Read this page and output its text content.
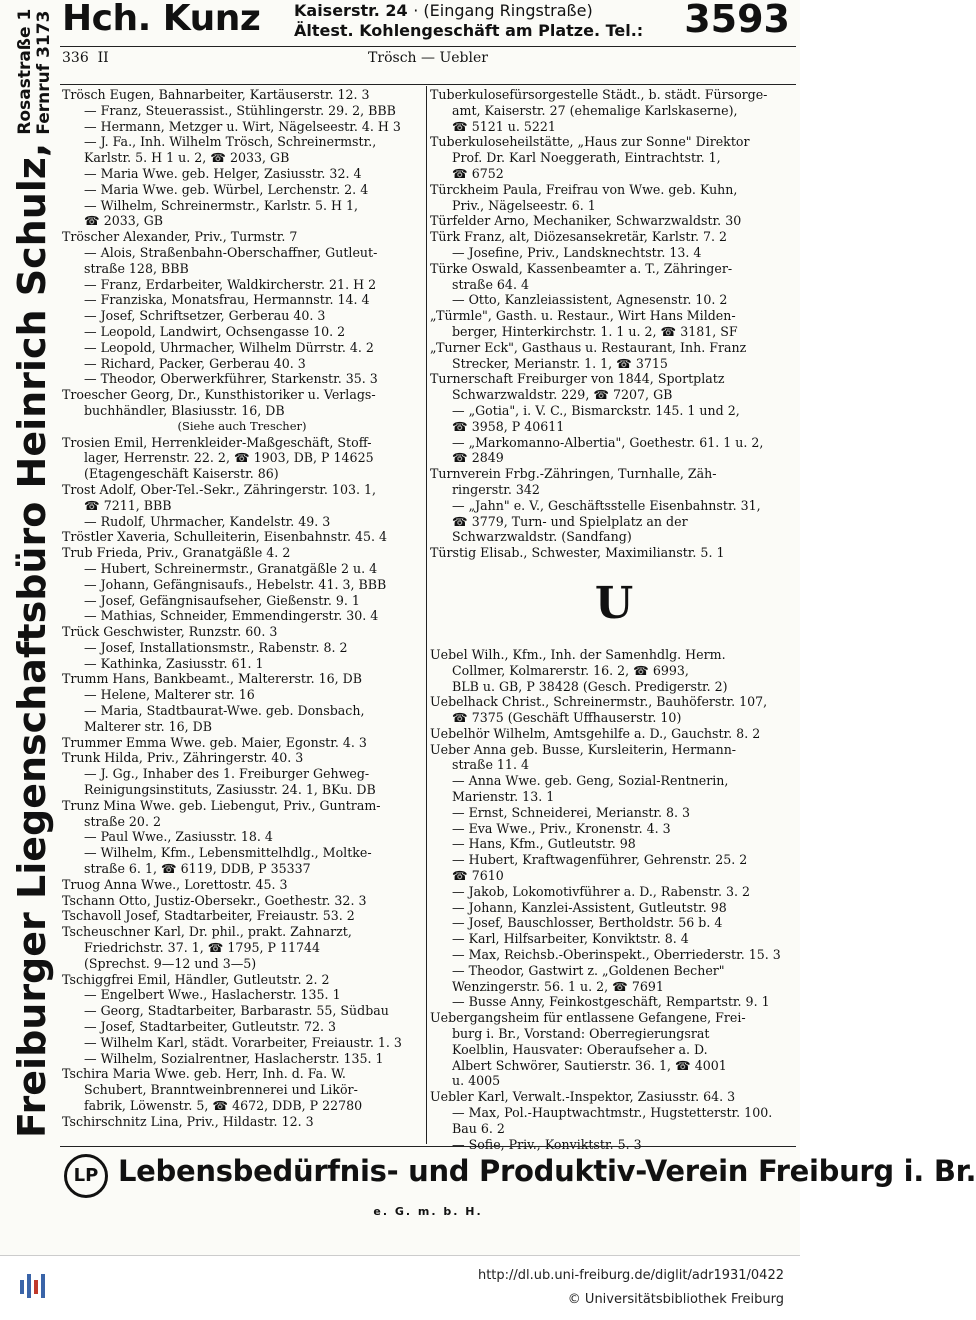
Hch. Kunz Kaiserstr. 24 · (Eingang Ringstraße)
Ältest. Kohlengeschäft am Platze. Tel.: 3593
336 II	Trösch — Uebler
Freiburger Liegenschaftsbüro Heinrich Schulz,Rosastraße 1
Fernruf 3173 Trösch Eugen, Bahnarbeiter, Kartäuserstr. 12. 3
— Franz, Steuerassist., Stühlingerstr. 29. 2, BBB
— Hermann, Metzger u. Wirt, Nägelseestr. 4. H 3
— J. Fa., Inh. Wilhelm Trösch, Schreinermstr.,
Karlstr. 5. H 1 u. 2, ☎ 2033, GB
— Maria Wwe. geb. Helger, Zasiusstr. 32. 4
— Maria Wwe. geb. Würbel, Lerchenstr. 2. 4
— Wilhelm, Schreinermstr., Karlstr. 5. H 1,
☎ 2033, GB
Tröscher Alexander, Priv., Turmstr. 7
— Alois, Straßenbahn-Oberschaffner, Gutleut-
straße 128, BBB
— Franz, Erdarbeiter, Waldkircherstr. 21. H 2
— Franziska, Monatsfrau, Hermannstr. 14. 4
— Josef, Schriftsetzer, Gerberau 40. 3
— Leopold, Landwirt, Ochsengasse 10. 2
— Leopold, Uhrmacher, Wilhelm Dürrstr. 4. 2
— Richard, Packer, Gerberau 40. 3
— Theodor, Oberwerkführer, Starkenstr. 35. 3
Troescher Georg, Dr., Kunsthistoriker u. Verlags-
buchhändler, Blasiusstr. 16, DB
(Siehe auch Trescher)
Trosien Emil, Herrenkleider-Maßgeschäft, Stoff-
lager, Herrenstr. 22. 2, ☎ 1903, DB, P 14625
(Etagengeschäft Kaiserstr. 86)
Trost Adolf, Ober-Tel.-Sekr., Zähringerstr. 103. 1,
☎ 7211, BBB
— Rudolf, Uhrmacher, Kandelstr. 49. 3
Tröstler Xaveria, Schulleiterin, Eisenbahnstr. 45. 4
Trub Frieda, Priv., Granatgäßle 4. 2
— Hubert, Schreinermstr., Granatgäßle 2 u. 4
— Johann, Gefängnisaufs., Hebelstr. 41. 3, BBB
— Josef, Gefängnisaufseher, Gießenstr. 9. 1
— Mathias, Schneider, Emmendingerstr. 30. 4
Trück Geschwister, Runzstr. 60. 3
— Josef, Installationsmstr., Rabenstr. 8. 2
— Kathinka, Zasiusstr. 61. 1
Trumm Hans, Bankbeamt., Maltererstr. 16, DB
— Helene, Malterer str. 16
— Maria, Stadtbaurat-Wwe. geb. Donsbach,
Malterer str. 16, DB
Trummer Emma Wwe. geb. Maier, Egonstr. 4. 3
Trunk Hilda, Priv., Zähringerstr. 40. 3
— J. Gg., Inhaber des 1. Freiburger Gehweg-
Reinigungsinstituts, Zasiusstr. 24. 1, BKu. DB
Trunz Mina Wwe. geb. Liebengut, Priv., Guntram-
straße 20. 2
— Paul Wwe., Zasiusstr. 18. 4
— Wilhelm, Kfm., Lebensmittelhdlg., Moltke-
straße 6. 1, ☎ 6119, DDB, P 35337
Truog Anna Wwe., Lorettostr. 45. 3
Tschann Otto, Justiz-Obersekr., Goethestr. 32. 3
Tschavoll Josef, Stadtarbeiter, Freiaustr. 53. 2
Tscheuschner Karl, Dr. phil., prakt. Zahnarzt,
Friedrichstr. 37. 1, ☎ 1795, P 11744
(Sprechst. 9—12 und 3—5)
Tschiggfrei Emil, Händler, Gutleutstr. 2. 2
— Engelbert Wwe., Haslacherstr. 135. 1
— Georg, Stadtarbeiter, Barbarastr. 55, Südbau
— Josef, Stadtarbeiter, Gutleutstr. 72. 3
— Wilhelm Karl, städt. Vorarbeiter, Freiaustr. 1. 3
— Wilhelm, Sozialrentner, Haslacherstr. 135. 1
Tschira Maria Wwe. geb. Herr, Inh. d. Fa. W.
Schubert, Branntweinbrennerei und Likör-
fabrik, Löwenstr. 5, ☎ 4672, DDB, P 22780
Tschirschnitz Lina, Priv., Hildastr. 12. 3
Tuberkulosefürsorgestelle Städt., b. städt. Fürsorge-
amt, Kaiserstr. 27 (ehemalige Karlskaserne),
☎ 5121 u. 5221
Tuberkuloseheilstätte, „Haus zur Sonne" Direktor
Prof. Dr. Karl Noeggerath, Eintrachtstr. 1,
☎ 6752
Türckheim Paula, Freifrau von Wwe. geb. Kuhn,
Priv., Nägelseestr. 6. 1
Türfelder Arno, Mechaniker, Schwarzwaldstr. 30
Türk Franz, alt, Diözesansekretär, Karlstr. 7. 2
— Josefine, Priv., Landsknechtstr. 13. 4
Türke Oswald, Kassenbeamter a. T., Zähringer-
straße 64. 4
— Otto, Kanzleiassistent, Agnesenstr. 10. 2
„Türmle", Gasth. u. Restaur., Wirt Hans Milden-
berger, Hinterkirchstr. 1. 1 u. 2, ☎ 3181, SF
„Turner Eck", Gasthaus u. Restaurant, Inh. Franz
Strecker, Merianstr. 1. 1, ☎ 3715
Turnerschaft Freiburger von 1844, Sportplatz
Schwarzwaldstr. 229, ☎ 7207, GB
— „Gotia", i. V. C., Bismarckstr. 145. 1 und 2,
☎ 3958, P 40611
— „Markomanno-Albertia", Goethestr. 61. 1 u. 2,
☎ 2849
Turnverein Frbg.-Zähringen, Turnhalle, Zäh-
ringerstr. 342
— „Jahn" e. V., Geschäftsstelle Eisenbahnstr. 31,
☎ 3779, Turn- und Spielplatz an der
Schwarzwaldstr. (Sandfang)
Türstig Elisab., Schwester, Maximilianstr. 5. 1
U
Uebel Wilh., Kfm., Inh. der Samenhdlg. Herm.
Collmer, Kolmarerstr. 16. 2, ☎ 6993,
BLB u. GB, P 38428 (Gesch. Predigerstr. 2)
Uebelhack Christ., Schreinermstr., Bauhöferstr. 107,
☎ 7375 (Geschäft Uffhauserstr. 10)
Uebelhör Wilhelm, Amtsgehilfe a. D., Gauchstr. 8. 2
Ueber Anna geb. Busse, Kursleiterin, Hermann-
straße 11. 4
— Anna Wwe. geb. Geng, Sozial-Rentnerin,
Marienstr. 13. 1
— Ernst, Schneiderei, Merianstr. 8. 3
— Eva Wwe., Priv., Kronenstr. 4. 3
— Hans, Kfm., Gutleutstr. 98
— Hubert, Kraftwagenführer, Gehrenstr. 25. 2
☎ 7610
— Jakob, Lokomotivführer a. D., Rabenstr. 3. 2
— Johann, Kanzlei-Assistent, Gutleutstr. 98
— Josef, Bauschlosser, Bertholdstr. 56 b. 4
— Karl, Hilfsarbeiter, Konviktstr. 8. 4
— Max, Reichsb.-Oberinspekt., Oberriederstr. 15. 3
— Theodor, Gastwirt z. „Goldenen Becher"
Wenzingerstr. 56. 1 u. 2, ☎ 7691
— Busse Anny, Feinkostgeschäft, Rempartstr. 9. 1
Uebergangsheim für entlassene Gefangene, Frei-
burg i. Br., Vorstand: Oberregierungsrat
Koelblin, Hausvater: Oberaufseher a. D.
Albert Schwörer, Sautierstr. 36. 1, ☎ 4001
u. 4005
Uebler Karl, Verwalt.-Inspektor, Zasiusstr. 64. 3
— Max, Pol.-Hauptwachtmstr., Hugstetterstr. 100.
Bau 6. 2
— Sofie, Priv., Konviktstr. 5. 3
LP Lebensbedürfnis- und Produktiv-Verein Freiburg i. Br.
e. G. m. b. H.
http://dl.ub.uni-freiburg.de/diglit/adr1931/0422
© Universitätsbibliothek Freiburg
